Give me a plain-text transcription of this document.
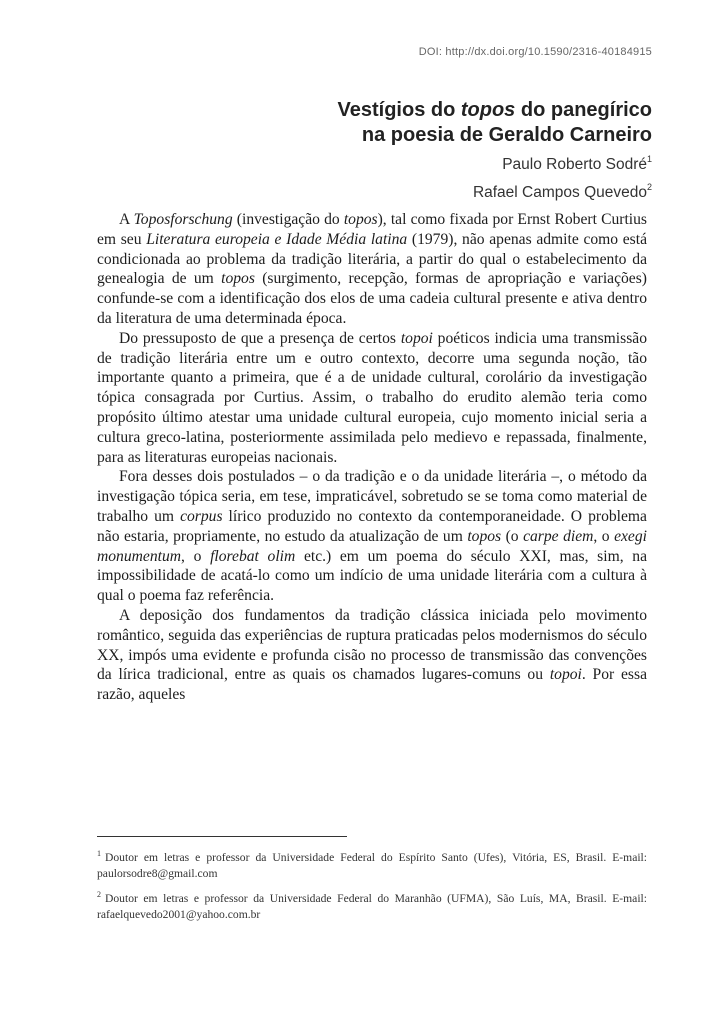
DOI: http://dx.doi.org/10.1590/2316-40184915
Vestígios do topos do panegírico
na poesia de Geraldo Carneiro
Paulo Roberto Sodré$^1$
Rafael Campos Quevedo$^2$

A Toposforschung (investigação do topos), tal como fixada por Ernst Robert Curtius em seu Literatura europeia e Idade Média latina (1979), não apenas admite como está condicionada ao problema da tradição literária, a partir do qual o estabelecimento da genealogia de um topos (surgimento, recepção, formas de apropriação e variações) confunde-se com a identificação dos elos de uma cadeia cultural presente e ativa dentro da literatura de uma determinada época.

Do pressuposto de que a presença de certos topoi poéticos indicia uma transmissão de tradição literária entre um e outro contexto, decorre uma segunda noção, tão importante quanto a primeira, que é a de unidade cultural, corolário da investigação tópica consagrada por Curtius. Assim, o trabalho do erudito alemão teria como propósito último atestar uma unidade cultural europeia, cujo momento inicial seria a cultura greco-latina, posteriormente assimilada pelo medievo e repassada, finalmente, para as literaturas europeias nacionais.

Fora desses dois postulados – o da tradição e o da unidade literária –, o método da investigação tópica seria, em tese, impraticável, sobretudo se se toma como material de trabalho um corpus lírico produzido no contexto da contemporaneidade. O problema não estaria, propriamente, no estudo da atualização de um topos (o carpe diem, o exegi monumentum, o florebat olim etc.) em um poema do século XXI, mas, sim, na impossibilidade de acatá-lo como um indício de uma unidade literária com a cultura à qual o poema faz referência.

A deposição dos fundamentos da tradição clássica iniciada pelo movimento romântico, seguida das experiências de ruptura praticadas pelos modernismos do século XX, impós uma evidente e profunda cisão no processo de transmissão das convenções da lírica tradicional, entre as quais os chamados lugares-comuns ou topoi. Por essa razão, aqueles

$^1$ Doutor em letras e professor da Universidade Federal do Espírito Santo (Ufes), Vitória, ES, Brasil. E-mail: paulorsodre8@gmail.com

$^2$ Doutor em letras e professor da Universidade Federal do Maranhão (UFMA), São Luís, MA, Brasil. E-mail: rafaelquevedo2001@yahoo.com.br
